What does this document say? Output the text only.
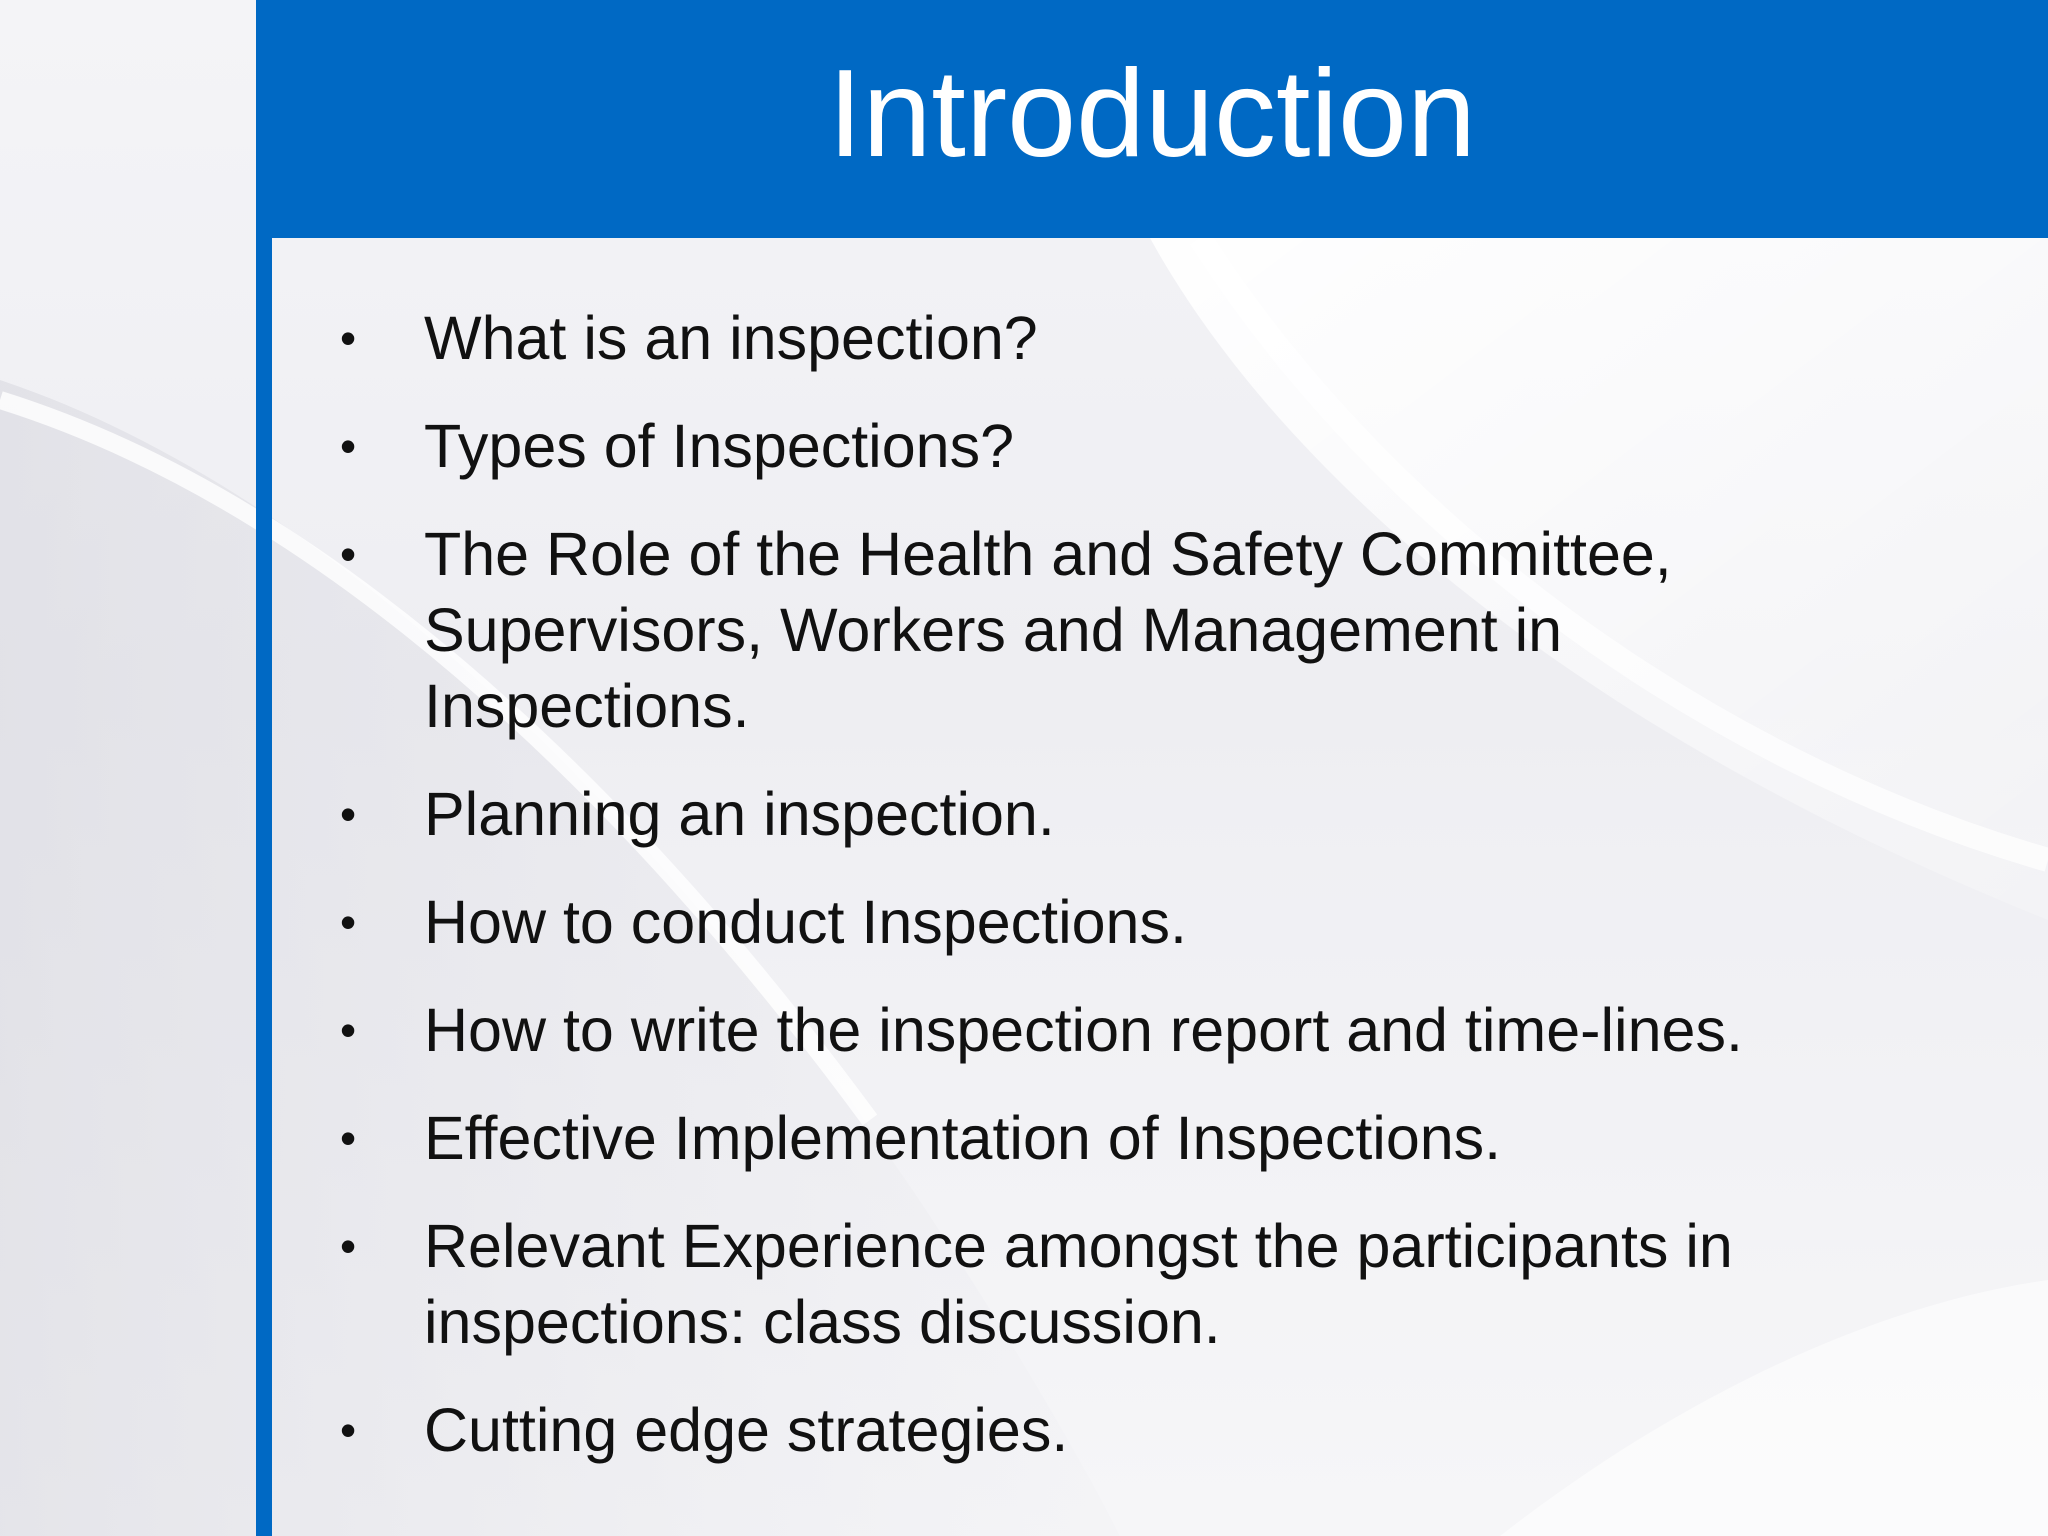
Introduction
•	What is an inspection?
•	Types of Inspections?
•	The Role of the Health and Safety Committee, Supervisors, Workers and Management in Inspections.
•	Planning an inspection.
•	How to conduct Inspections.
•	How to write the inspection report and time-lines.
•	Effective Implementation of Inspections.
•	Relevant Experience amongst the participants in inspections: class discussion.
•	Cutting edge strategies.
